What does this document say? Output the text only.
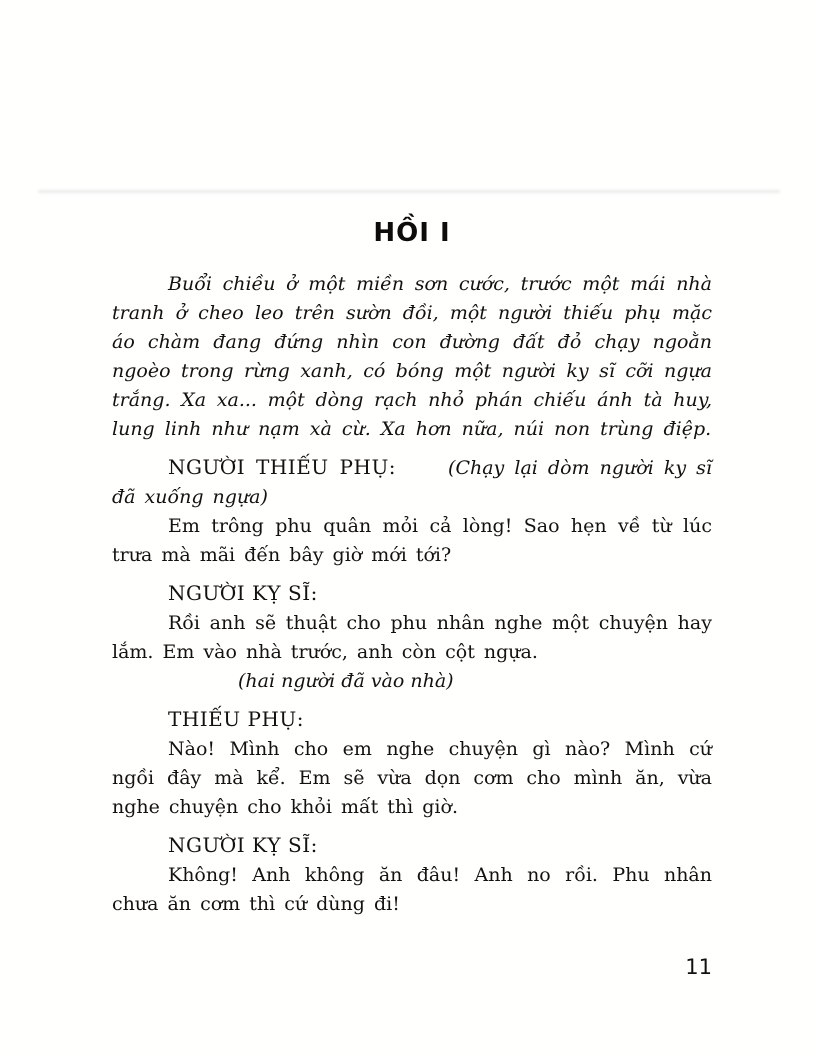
HỒI I

Buổi chiều ở một miền sơn cước, trước một mái nhà tranh ở cheo leo trên sườn đồi, một người thiếu phụ mặc áo chàm đang đứng nhìn con đường đất đỏ chạy ngoằn ngoèo trong rừng xanh, có bóng một người ky sĩ cỡi ngựa trắng. Xa xa... một dòng rạch nhỏ phán chiếu ánh tà huy, lung linh như nạm xà cừ. Xa hơn nữa, núi non trùng điệp.

NGƯỜI THIẾU PHỤ:	(Chạy lại dòm người ky sĩ đã xuống ngựa)

Em trông phu quân mỏi cả lòng! Sao hẹn về từ lúc trưa mà mãi đến bây giờ mới tới?

NGƯỜI KỴ SĨ:

Rồi anh sẽ thuật cho phu nhân nghe một chuyện hay lắm. Em vào nhà trước, anh còn cột ngựa.

(hai người đã vào nhà)

THIẾU PHỤ:

Nào! Mình cho em nghe chuyện gì nào? Mình cứ ngồi đây mà kể. Em sẽ vừa dọn cơm cho mình ăn, vừa nghe chuyện cho khỏi mất thì giờ.

NGƯỜI KỴ SĨ:

Không! Anh không ăn đâu! Anh no rồi. Phu nhân chưa ăn cơm thì cứ dùng đi!

11
